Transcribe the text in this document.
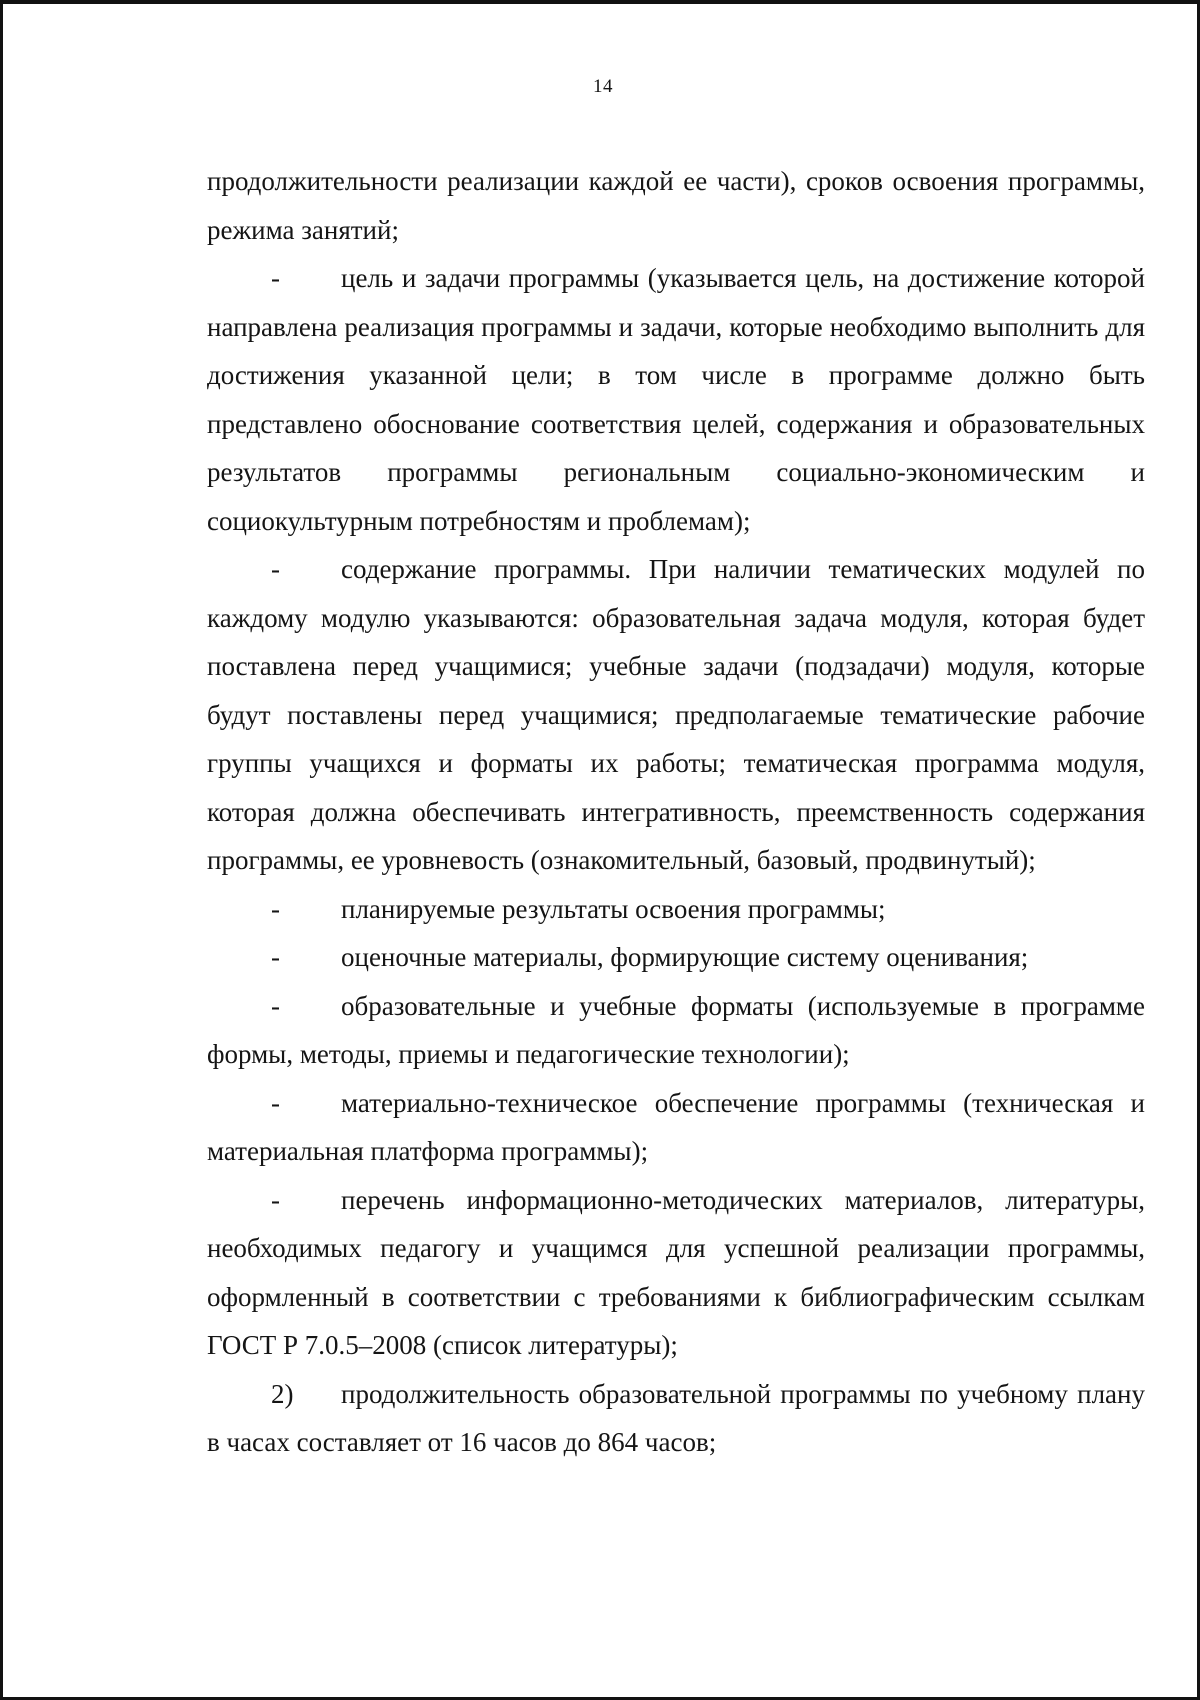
14

продолжительности реализации каждой ее части), сроков освоения программы, режима занятий;

- цель и задачи программы (указывается цель, на достижение которой направлена реализация программы и задачи, которые необходимо выполнить для достижения указанной цели; в том числе в программе должно быть представлено обоснование соответствия целей, содержания и образовательных результатов программы региональным социально-экономическим и социокультурным потребностям и проблемам);

- содержание программы. При наличии тематических модулей по каждому модулю указываются: образовательная задача модуля, которая будет поставлена перед учащимися; учебные задачи (подзадачи) модуля, которые будут поставлены перед учащимися; предполагаемые тематические рабочие группы учащихся и форматы их работы; тематическая программа модуля, которая должна обеспечивать интегративность, преемственность содержания программы, ее уровневость (ознакомительный, базовый, продвинутый);

- планируемые результаты освоения программы;

- оценочные материалы, формирующие систему оценивания;

- образовательные и учебные форматы (используемые в программе формы, методы, приемы и педагогические технологии);

- материально-техническое обеспечение программы (техническая и материальная платформа программы);

- перечень информационно-методических материалов, литературы, необходимых педагогу и учащимся для успешной реализации программы, оформленный в соответствии с требованиями к библиографическим ссылкам ГОСТ Р 7.0.5–2008 (список литературы);

2) продолжительность образовательной программы по учебному плану в часах составляет от 16 часов до 864 часов;
